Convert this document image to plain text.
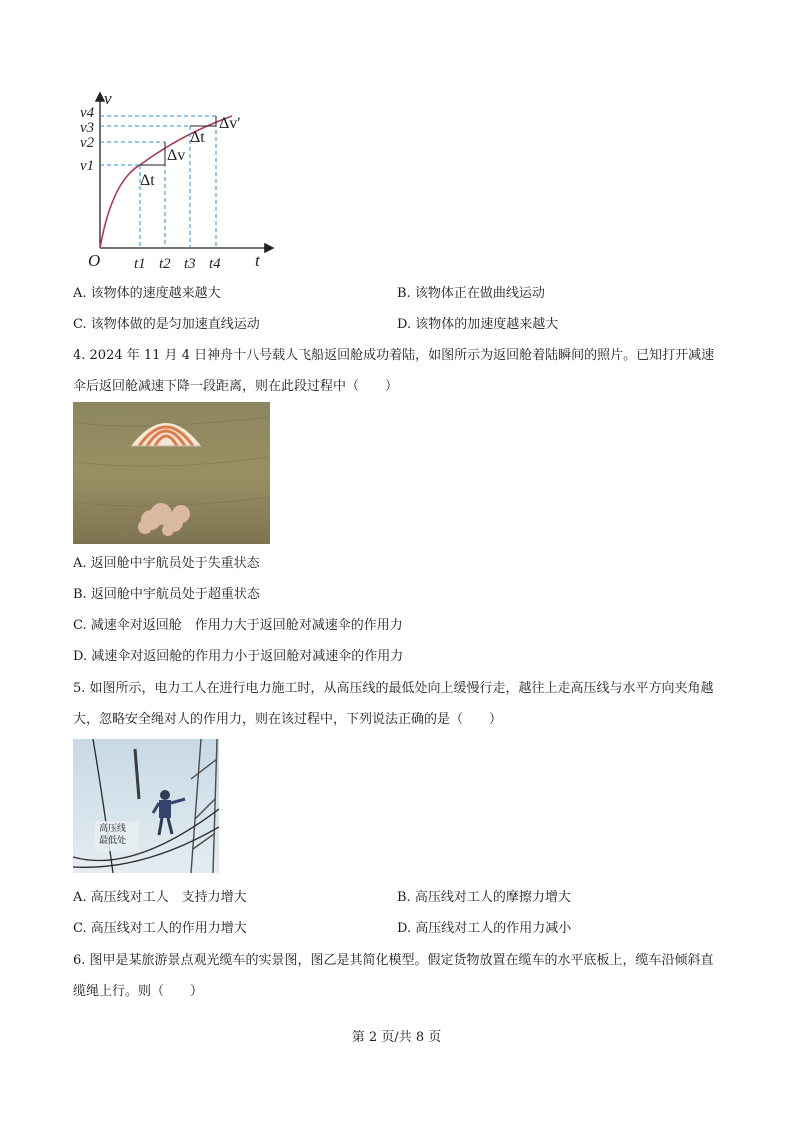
v
t
O
v1
v2
v3
v4
t1 t2 t3 t4
Δt
Δv
Δt
Δv′
A. 该物体的速度越来越大	B. 该物体正在做曲线运动
C. 该物体做的是匀加速直线运动	D. 该物体的加速度越来越大
4. 2024 年 11 月 4 日神舟十八号载人飞船返回舱成功着陆，如图所示为返回舱着陆瞬间的照片。已知打开减速伞后返回舱减速下降一段距离，则在此段过程中（　　）
A. 返回舱中宇航员处于失重状态
B. 返回舱中宇航员处于超重状态
C. 减速伞对返回舱　作用力大于返回舱对减速伞的作用力
D. 减速伞对返回舱的作用力小于返回舱对减速伞的作用力
5. 如图所示，电力工人在进行电力施工时，从高压线的最低处向上缓慢行走，越往上走高压线与水平方向夹角越大，忽略安全绳对人的作用力，则在该过程中，下列说法正确的是（　　）
高压线
最低处
A. 高压线对工人　支持力增大	B. 高压线对工人的摩擦力增大
C. 高压线对工人的作用力增大	D. 高压线对工人的作用力减小
6. 图甲是某旅游景点观光缆车的实景图，图乙是其简化模型。假定货物放置在缆车的水平底板上，缆车沿倾斜直缆绳上行。则（　　）
第 2 页/共 8 页
